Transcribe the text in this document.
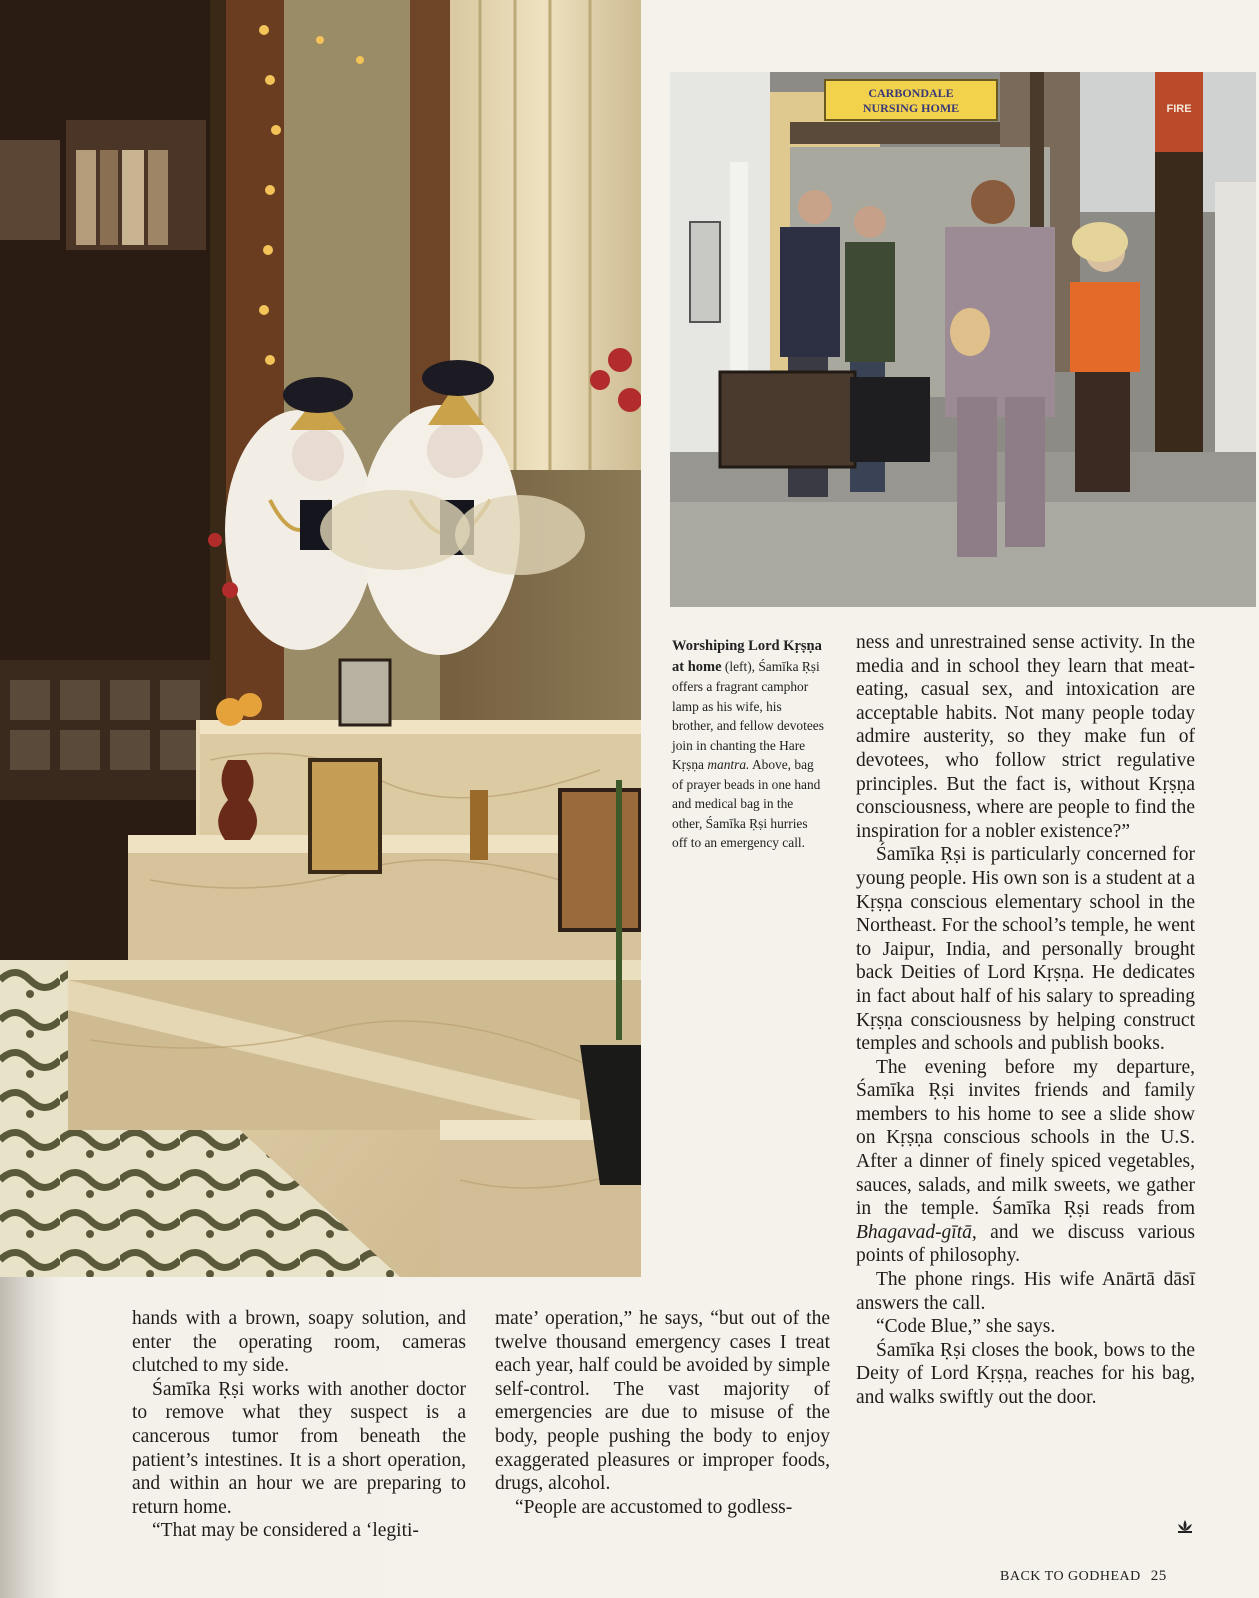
CARBONDALE
NURSING HOME	FIRE
Worshiping Lord Kṛṣṇa at home (left), Śamīka Ṛṣi offers a fragrant camphor lamp as his wife, his brother, and fellow devotees join in chanting the Hare Kṛṣṇa mantra. Above, bag of prayer beads in one hand and medical bag in the other, Śamīka Ṛṣi hurries off to an emergency call.

ness and unrestrained sense activity. In the media and in school they learn that meat-eating, casual sex, and intoxication are acceptable habits. Not many people today admire austerity, so they make fun of devotees, who follow strict regulative principles. But the fact is, without Kṛṣṇa consciousness, where are people to find the inspiration for a nobler existence?”

Śamīka Ṛṣi is particularly concerned for young people. His own son is a student at a Kṛṣṇa conscious elementary school in the Northeast. For the school’s temple, he went to Jaipur, India, and personally brought back Deities of Lord Kṛṣṇa. He dedicates in fact about half of his salary to spreading Kṛṣṇa consciousness by helping construct temples and schools and publish books.

The evening before my departure, Śamīka Ṛṣi invites friends and family members to his home to see a slide show on Kṛṣṇa conscious schools in the U.S. After a dinner of finely spiced vegetables, sauces, salads, and milk sweets, we gather in the temple. Śamīka Ṛṣi reads from Bhagavad-gītā, and we discuss various points of philosophy.

The phone rings. His wife Anārtā dāsī answers the call.

“Code Blue,” she says.

Śamīka Ṛṣi closes the book, bows to the Deity of Lord Kṛṣṇa, reaches for his bag, and walks swiftly out the door.

hands with a brown, soapy solution, and enter the operating room, cameras clutched to my side.

Śamīka Ṛṣi works with another doctor to remove what they suspect is a cancerous tumor from beneath the patient’s intestines. It is a short operation, and within an hour we are preparing to return home.

“That may be considered a ‘legiti-

mate’ operation,” he says, “but out of the twelve thousand emergency cases I treat each year, half could be avoided by simple self-control. The vast majority of emergencies are due to misuse of the body, people pushing the body to enjoy exaggerated pleasures or improper foods, drugs, alcohol.

“People are accustomed to godless-

BACK TO GODHEAD 25
